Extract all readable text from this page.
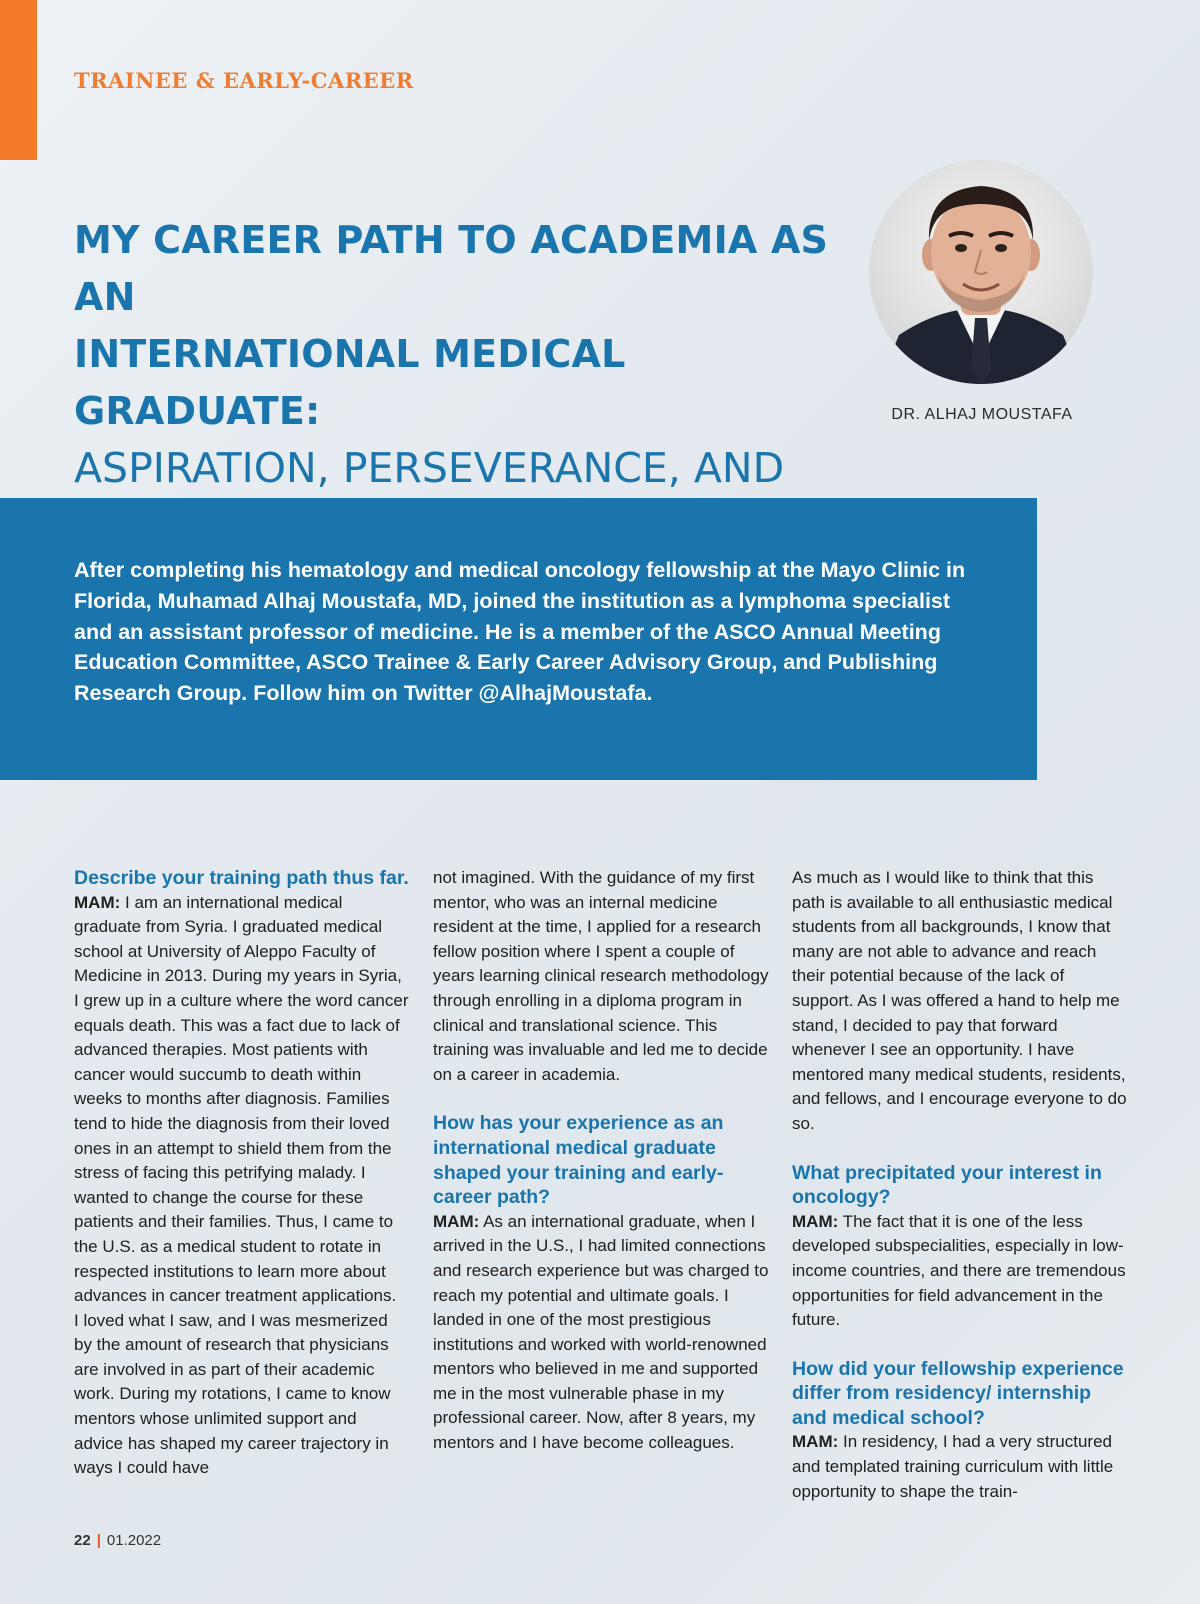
TRAINEE & EARLY-CAREER
MY CAREER PATH TO ACADEMIA AS AN
INTERNATIONAL MEDICAL GRADUATE:
ASPIRATION, PERSEVERANCE, AND
DR. ALHAJ MOUSTAFA
After completing his hematology and medical oncology fellowship at the Mayo Clinic in Florida, Muhamad Alhaj Moustafa, MD, joined the institution as a lymphoma specialist and an assistant professor of medicine. He is a member of the ASCO Annual Meeting Education Committee, ASCO Trainee & Early Career Advisory Group, and Publishing Research Group. Follow him on Twitter @AlhajMoustafa.

Describe your training path thus far.

MAM: I am an international medical graduate from Syria. I graduated medical school at University of Aleppo Faculty of Medicine in 2013. During my years in Syria, I grew up in a culture where the word cancer equals death. This was a fact due to lack of advanced therapies. Most patients with cancer would succumb to death within weeks to months after diagnosis. Families tend to hide the diagnosis from their loved ones in an attempt to shield them from the stress of facing this petrifying malady. I wanted to change the course for these patients and their families. Thus, I came to the U.S. as a medical student to rotate in respected institutions to learn more about advances in cancer treatment applications.

I loved what I saw, and I was mesmerized by the amount of research that physicians are involved in as part of their academic work. During my rotations, I came to know mentors whose unlimited support and advice has shaped my career trajectory in ways I could have

not imagined. With the guidance of my first mentor, who was an internal medicine resident at the time, I applied for a research fellow position where I spent a couple of years learning clinical research methodology through enrolling in a diploma program in clinical and translational science. This training was invaluable and led me to decide on a career in academia.

How has your experience as an international medical graduate shaped your training and early-career path?

MAM: As an international graduate, when I arrived in the U.S., I had limited connections and research experience but was charged to reach my potential and ultimate goals. I landed in one of the most prestigious institutions and worked with world-renowned mentors who believed in me and supported me in the most vulnerable phase in my professional career. Now, after 8 years, my mentors and I have become colleagues.

As much as I would like to think that this path is available to all enthusiastic medical students from all backgrounds, I know that many are not able to advance and reach their potential because of the lack of support. As I was offered a hand to help me stand, I decided to pay that forward whenever I see an opportunity. I have mentored many medical students, residents, and fellows, and I encourage everyone to do so.

What precipitated your interest in oncology?

MAM: The fact that it is one of the less developed subspecialities, especially in low-income countries, and there are tremendous opportunities for field advancement in the future.

How did your fellowship experience differ from residency/ internship and medical school?

MAM: In residency, I had a very structured and templated training curriculum with little opportunity to shape the train-

22 | 01.2022
